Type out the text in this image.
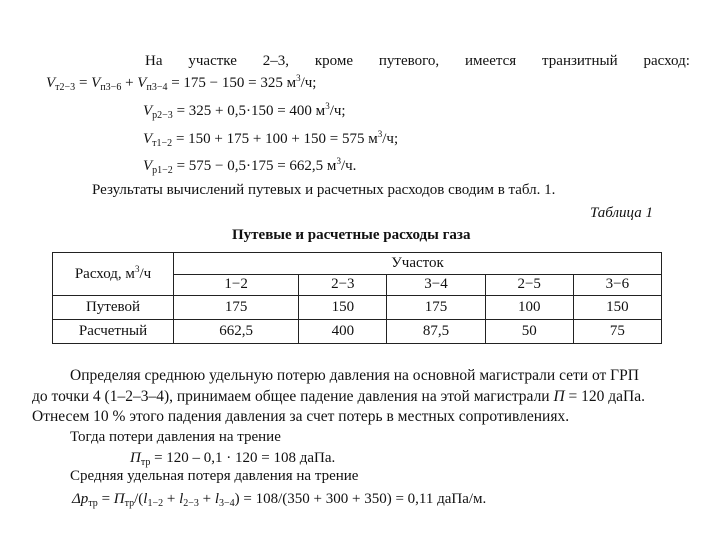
На участке 2–3, кроме путевого, имеется транзитный расход:
$V_{т2-3} = V_{п3-6} + V_{п3-4} = 175 - 150 = 325$ $м^3/ч$;
$V_{р2-3} = 325 + 0,5\cdot 150 = 400$ $м^3/ч$;
$V_{т1-2} = 150 + 175 + 100 + 150 = 575$ $м^3/ч$;
$V_{р1-2} = 575 - 0,5\cdot 175 = 662,5$ $м^3/ч$.
Результаты вычислений путевых и расчетных расходов сводим в табл. 1.
Таблица 1
Путевые и расчетные расходы газа
Расход, $м^3/ч$	Участок				
	1−2	2−3	3−4	2−5	3−6
Путевой	175	150	175	100	150
Расчетный	662,5	400	87,5	50	75
Определяя среднюю удельную потерю давления на основной магистрали сети от ГРП
до точки 4 (1–2–3–4), принимаем общее падение давления на этой магистрали П = 120 даПа.
Отнесем 10 % этого падения давления за счет потерь в местных сопротивлениях.
Тогда потери давления на трение
$П_{тр} = 120 - 0,1 \cdot 120 = 108$ даПа.
Средняя удельная потеря давления на трение
$\Delta p_{тр} = П_{тр}/(l_{1-2} + l_{2-3} + l_{3-4}) = 108/(350 + 300 + 350) = 0,11$ даПа/м.
